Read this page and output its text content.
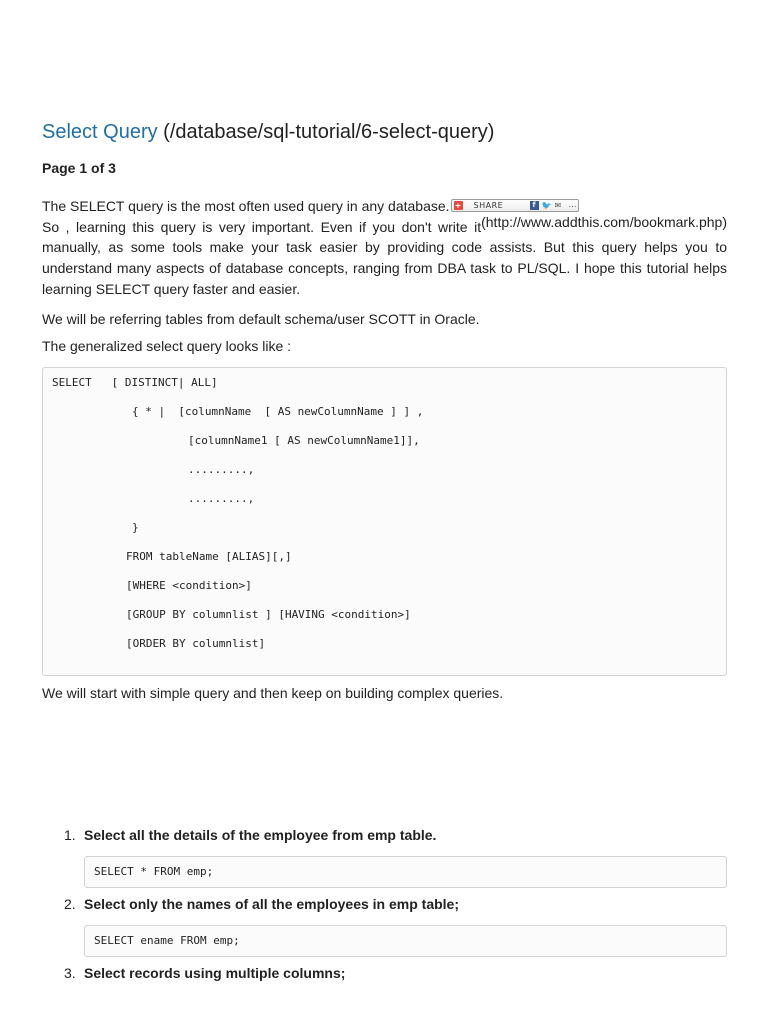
Select Query (/database/sql-tutorial/6-select-query)
Page 1 of 3
The SELECT query is the most often used query in any database. + SHARE	f 🐦 ✉ …

So , learning this query is very important. Even if you don't write it(http://www.addthis.com/bookmark.php) manually, as some tools make your task easier by providing code assists. But this query helps you to understand many aspects of database concepts, ranging from DBA task to PL/SQL. I hope this tutorial helps learning SELECT query faster and easier.
We will be referring tables from default schema/user SCOTT in Oracle.
The generalized select query looks like :
SELECT   [ DISTINCT| ALL]
{ * |  [columnName  [ AS newColumnName ] ] ,
[columnName1 [ AS newColumnName1]],
.........,
.........,
}
FROM tableName [ALIAS][,]
[WHERE <condition>]
[GROUP BY columnlist ] [HAVING <condition>]
[ORDER BY columnlist]
We will start with simple query and then keep on building complex queries.
1. Select all the details of the employee from emp table.
SELECT * FROM emp;
2. Select only the names of all the employees in emp table;
SELECT ename FROM emp;
3. Select records using multiple columns;
